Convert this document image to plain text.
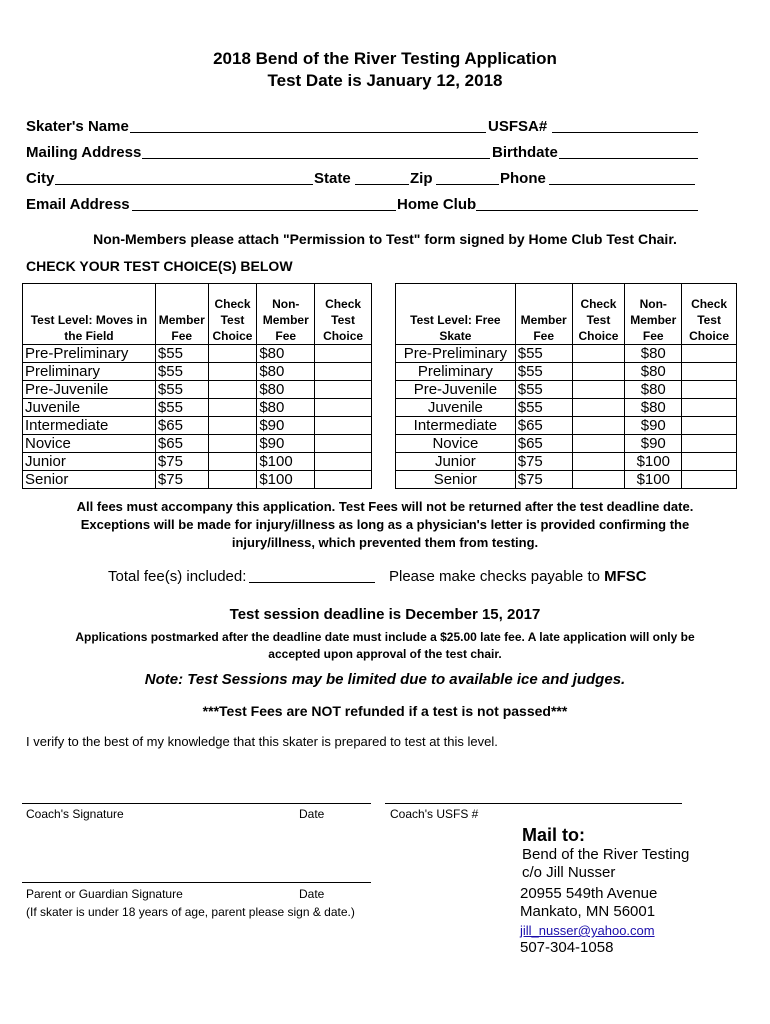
2018 Bend of the River Testing Application
Test Date is January 12, 2018
Skater's Name	USFSA#
Mailing Address	Birthdate
City	State	Zip	Phone
Email Address	Home Club
Non-Members please attach "Permission to Test" form signed by Home Club Test Chair.
CHECK YOUR TEST CHOICE(S) BELOW
Test Level: Moves in the Field	Member Fee	Check Test Choice	Non-Member Fee	Check Test Choice
Pre-Preliminary	$55		$80	
Preliminary	$55		$80	
Pre-Juvenile	$55		$80	
Juvenile	$55		$80	
Intermediate	$65		$90	
Novice	$65		$90	
Junior	$75		$100	
Senior	$75		$100	
Test Level: Free Skate	Member Fee	Check Test Choice	Non-Member Fee	Check Test Choice
Pre-Preliminary	$55		$80	
Preliminary	$55		$80	
Pre-Juvenile	$55		$80	
Juvenile	$55		$80	
Intermediate	$65		$90	
Novice	$65		$90	
Junior	$75		$100	
Senior	$75		$100	
All fees must accompany this application. Test Fees will not be returned after the test deadline date.
Exceptions will be made for injury/illness as long as a physician's letter is provided confirming the
injury/illness, which prevented them from testing.
Total fee(s) included:	Please make checks payable to MFSC
Test session deadline is December 15, 2017
Applications postmarked after the deadline date must include a $25.00 late fee. A late application will only be
accepted upon approval of the test chair.
Note: Test Sessions may be limited due to available ice and judges.
***Test Fees are NOT refunded if a test is not passed***
I verify to the best of my knowledge that this skater is prepared to test at this level.
Coach's Signature	Date	Coach's USFS #
Parent or Guardian Signature	Date
(If skater is under 18 years of age, parent please sign & date.)
Mail to:
Bend of the River Testing
c/o Jill Nusser
20955 549th Avenue
Mankato, MN 56001
jill_nusser@yahoo.com
507-304-1058
